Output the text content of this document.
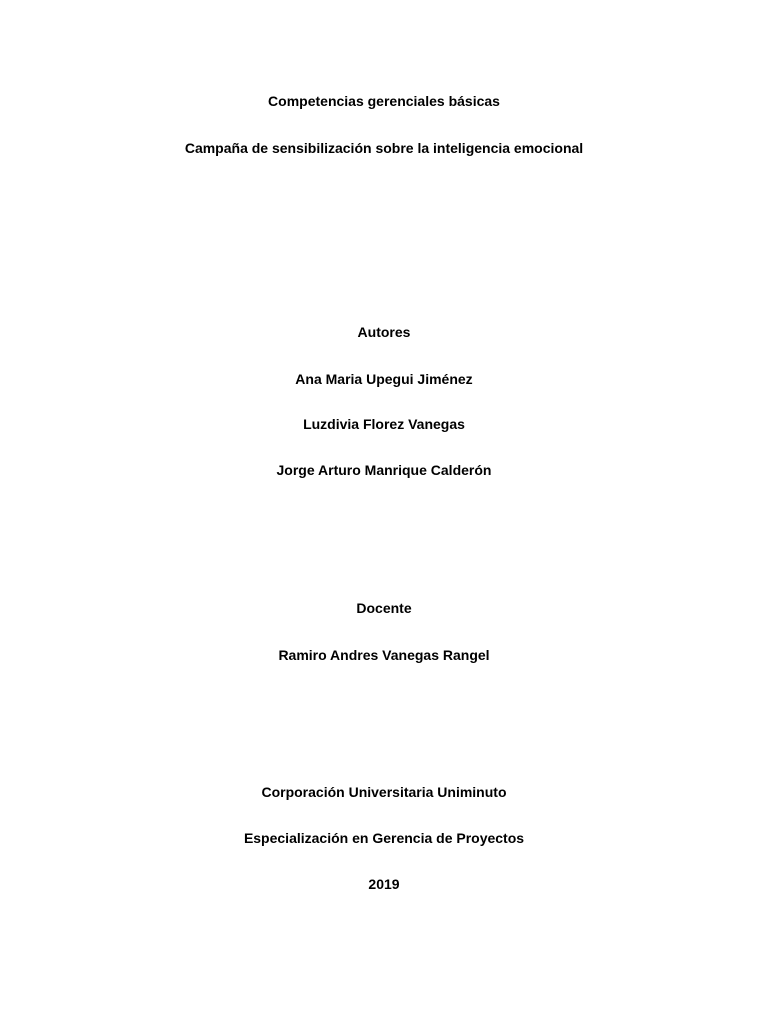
Competencias gerenciales básicas
Campaña de sensibilización sobre la inteligencia emocional
Autores
Ana Maria Upegui Jiménez
Luzdivia Florez Vanegas
Jorge Arturo Manrique Calderón
Docente
Ramiro Andres Vanegas Rangel
Corporación Universitaria Uniminuto
Especialización en Gerencia de Proyectos
2019
